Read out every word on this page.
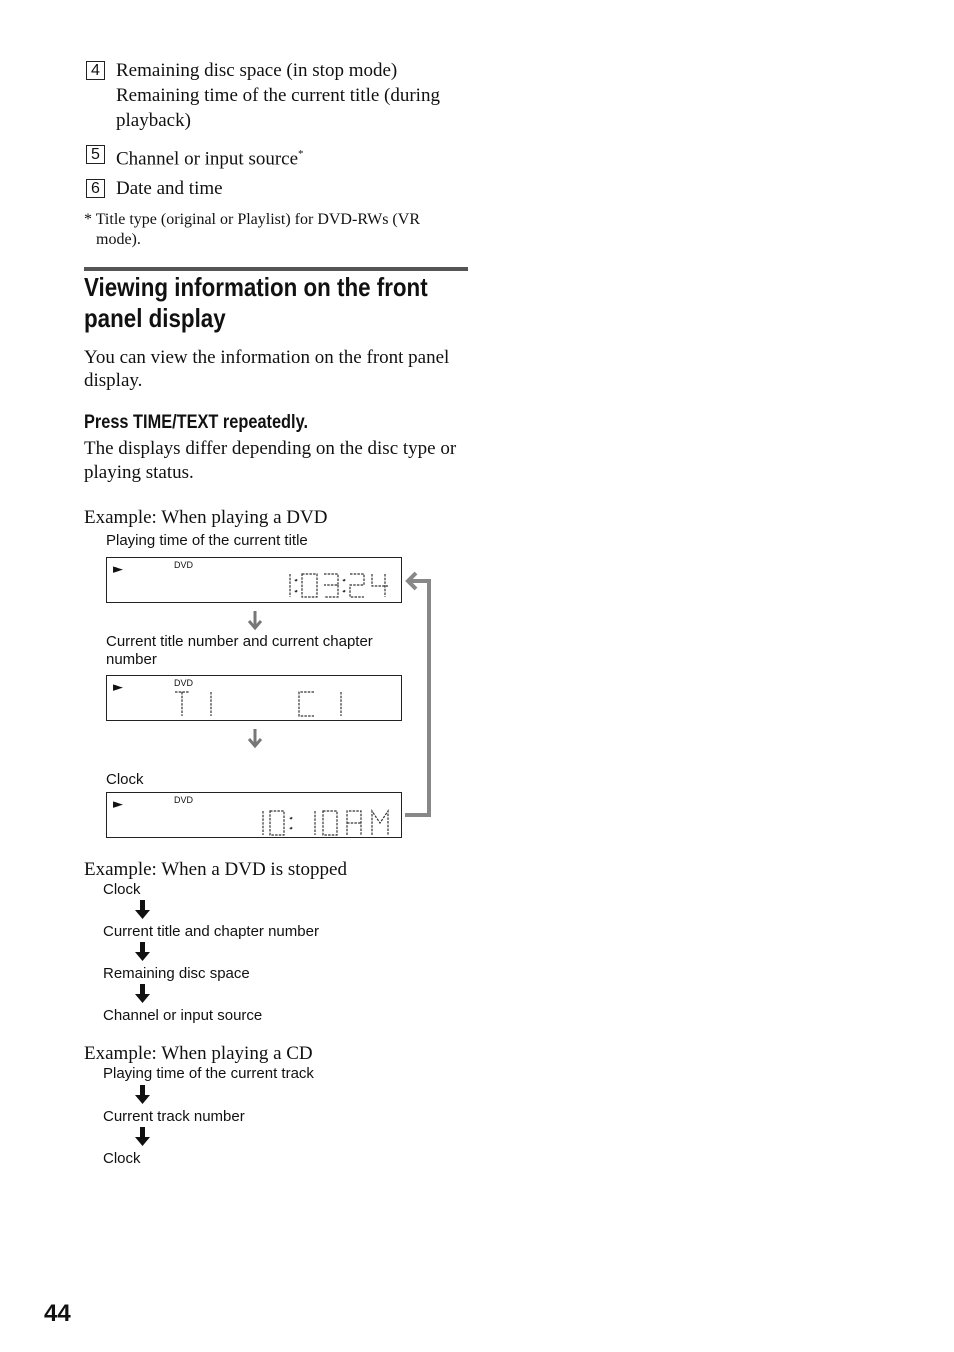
4 Remaining disc space (in stop mode)
Remaining time of the current title (during
playback)
5 Channel or input source*
6 Date and time
* Title type (original or Playlist) for DVD-RWs (VR
mode).
Viewing information on the front
panel display
You can view the information on the front panel
display.
Press TIME/TEXT repeatedly.
The displays differ depending on the disc type or
playing status.
Example: When playing a DVD
Playing time of the current title
►	DVD
Current title number and current chapter
number
►	DVD
Clock
►	DVD
Example: When a DVD is stopped
Clock
Current title and chapter number
Remaining disc space
Channel or input source
Example: When playing a CD
Playing time of the current track
Current track number
Clock
44
